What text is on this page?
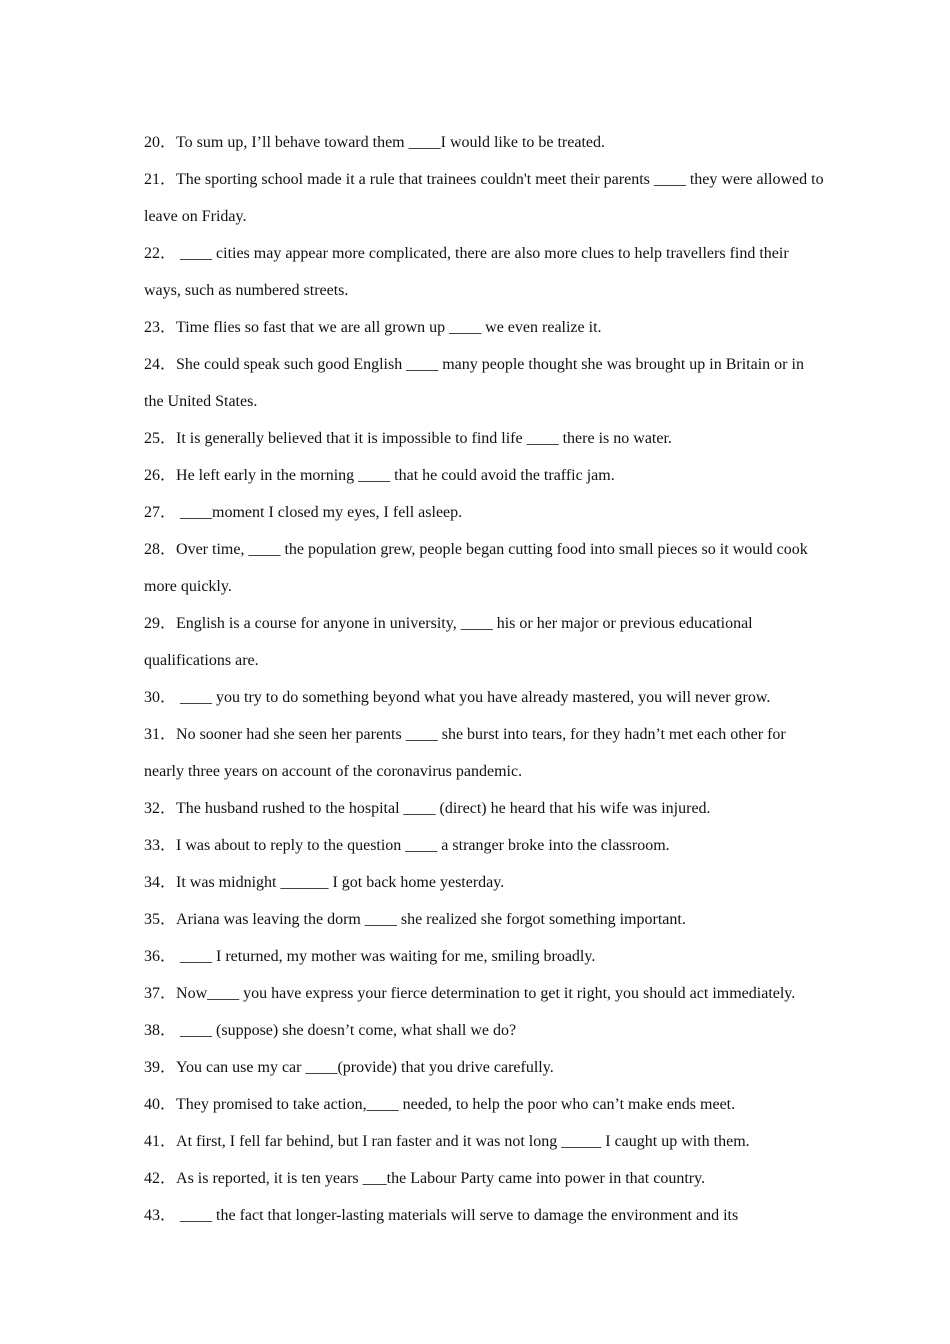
20．To sum up, I’ll behave toward them ____I would like to be treated.

21．The sporting school made it a rule that trainees couldn't meet their parents ____ they were allowed to leave on Friday.

22． ____ cities may appear more complicated, there are also more clues to help travellers find their ways, such as numbered streets.

23．Time flies so fast that we are all grown up ____ we even realize it.

24．She could speak such good English ____ many people thought she was brought up in Britain or in the United States.

25．It is generally believed that it is impossible to find life ____ there is no water.

26．He left early in the morning ____ that he could avoid the traffic jam.

27． ____moment I closed my eyes, I fell asleep.

28．Over time, ____ the population grew, people began cutting food into small pieces so it would cook more quickly.

29．English is a course for anyone in university, ____ his or her major or previous educational qualifications are.

30． ____ you try to do something beyond what you have already mastered, you will never grow.

31．No sooner had she seen her parents ____ she burst into tears, for they hadn’t met each other for nearly three years on account of the coronavirus pandemic.

32．The husband rushed to the hospital ____ (direct) he heard that his wife was injured.

33．I was about to reply to the question ____ a stranger broke into the classroom.

34．It was midnight ______ I got back home yesterday.

35．Ariana was leaving the dorm ____ she realized she forgot something important.

36． ____ I returned, my mother was waiting for me, smiling broadly.

37．Now____ you have express your fierce determination to get it right, you should act immediately.

38． ____ (suppose) she doesn’t come, what shall we do?

39．You can use my car ____(provide) that you drive carefully.

40．They promised to take action,____ needed, to help the poor who can’t make ends meet.

41．At first, I fell far behind, but I ran faster and it was not long _____ I caught up with them.

42．As is reported, it is ten years ___the Labour Party came into power in that country.

43． ____ the fact that longer-lasting materials will serve to damage the environment and its
